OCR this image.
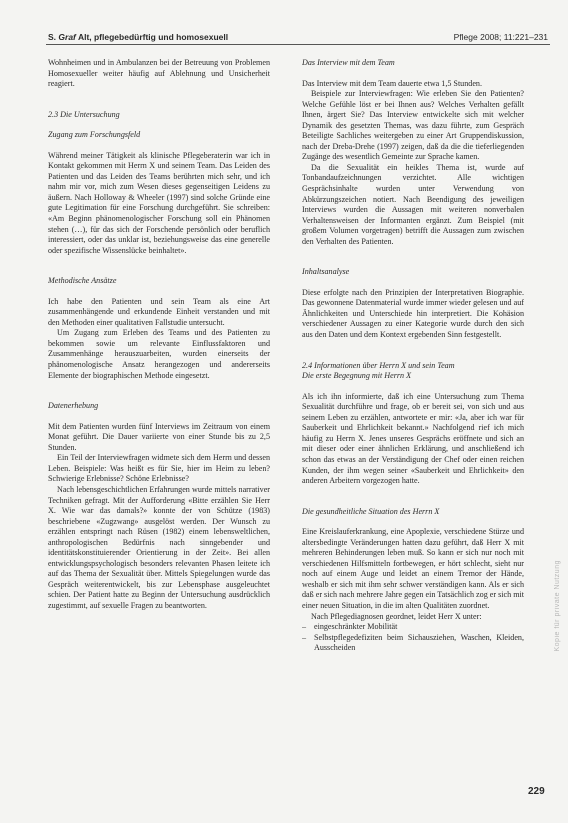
S. Graf Alt, pflegebedürftig und homosexuell	Pflege 2008; 11:221–231

Wohnheimen und in Ambulanzen bei der Betreuung von Problemen Homosexueller weiter häufig auf Ablehnung und Unsicherheit reagiert.

2.3 Die Untersuchung
Zugang zum Forschungsfeld

Während meiner Tätigkeit als klinische Pflegeberaterin war ich in Kontakt gekommen mit Herrn X und seinem Team. Das Leiden des Patienten und das Leiden des Teams berührten mich sehr, und ich nahm mir vor, mich zum Wesen dieses gegenseitigen Leidens zu äußern. Nach Holloway & Wheeler (1997) sind solche Gründe eine gute Legitimation für eine Forschung durchgeführt. Sie schreiben: «Am Beginn phänomenologischer Forschung soll ein Phänomen stehen (…), für das sich der Forschende persönlich oder beruflich interessiert, oder das unklar ist, beziehungsweise das eine generelle oder spezifische Wissenslücke beinhaltet».

Methodische Ansätze

Ich habe den Patienten und sein Team als eine Art zusammenhängende und erkundende Einheit verstanden und mit den Methoden einer qualitativen Fallstudie untersucht.

Um Zugang zum Erleben des Teams und des Patienten zu bekommen sowie um relevante Einflussfaktoren und Zusammenhänge herauszuarbeiten, wurden einerseits der phänomenologische Ansatz herangezogen und andererseits Elemente der biographischen Methode eingesetzt.

Datenerhebung

Mit dem Patienten wurden fünf Interviews im Zeitraum von einem Monat geführt. Die Dauer variierte von einer Stunde bis zu 2,5 Stunden.

Ein Teil der Interviewfragen widmete sich dem Herrn und dessen Leben. Beispiele: Was heißt es für Sie, hier im Heim zu leben? Schwierige Erlebnisse? Schöne Erlebnisse?

Nach lebensgeschichtlichen Erfahrungen wurde mittels narrativer Techniken gefragt. Mit der Aufforderung «Bitte erzählen Sie Herr X. Wie war das damals?» konnte der von Schütze (1983) beschriebene «Zugzwang» ausgelöst werden. Der Wunsch zu erzählen entspringt nach Rüsen (1982) einem lebensweltlichen, anthropologischen Bedürfnis nach sinngebender und identitätskonstituierender Orientierung in der Zeit». Bei allen entwicklungspsychologisch besonders relevanten Phasen leitete ich auf das Thema der Sexualität über. Mittels Spiegelungen wurde das Gespräch weiterentwickelt, bis zur Lebensphase ausgeleuchtet schien. Der Patient hatte zu Beginn der Untersuchung ausdrücklich zugestimmt, auf sexuelle Fragen zu beantworten.

Das Interview mit dem Team

Das Interview mit dem Team dauerte etwa 1,5 Stunden.

Beispiele zur Interviewfragen: Wie erleben Sie den Patienten? Welche Gefühle löst er bei Ihnen aus? Welches Verhalten gefällt Ihnen, ärgert Sie? Das Interview entwickelte sich mit welcher Dynamik des gesetzten Themas, was dazu führte, zum Gespräch Beteiligte Sachliches weitergeben zu einer Art Gruppendiskussion, nach der Dreba-Drehe (1997) zeigen, daß da die die tieferliegenden Zugänge des wesentlich Gemeinte zur Sprache kamen.

Da die Sexualität ein heikles Thema ist, wurde auf Tonbandaufzeichnungen verzichtet. Alle wichtigen Gesprächsinhalte wurden unter Verwendung von Abkürzungszeichen notiert. Nach Beendigung des jeweiligen Interviews wurden die Aussagen mit weiteren nonverbalen Verhaltensweisen der Informanten ergänzt. Zum Beispiel (mit großem Volumen vorgetragen) betrifft die Aussagen zum zwischen den Verhalten des Patienten.

Inhaltsanalyse

Diese erfolgte nach den Prinzipien der Interpretativen Biographie. Das gewonnene Datenmaterial wurde immer wieder gelesen und auf Ähnlichkeiten und Unterschiede hin interpretiert. Die Kohäsion verschiedener Aussagen zu einer Kategorie wurde durch den sich aus den Daten und dem Kontext ergebenden Sinn festgestellt.

2.4 Informationen über Herrn X und sein Team
Die erste Begegnung mit Herrn X

Als ich ihn informierte, daß ich eine Untersuchung zum Thema Sexualität durchführe und frage, ob er bereit sei, von sich und aus seinem Leben zu erzählen, antwortete er mir: «Ja, aber ich war für Sauberkeit und Ehrlichkeit bekannt.» Nachfolgend rief ich mich häufig zu Herrn X. Jenes unseres Gesprächs eröffnete und sich an mit dieser oder einer ähnlichen Erklärung, und anschließend ich schon das etwas an der Verständigung der Chef oder einen reichen Kunden, der ihm wegen seiner «Sauberkeit und Ehrlichkeit» den anderen Arbeitern vorgezogen hatte.

Die gesundheitliche Situation des Herrn X

Eine Kreislauferkrankung, eine Apoplexie, verschiedene Stürze und altersbedingte Veränderungen hatten dazu geführt, daß Herr X mit mehreren Behinderungen leben muß. So kann er sich nur noch mit verschiedenen Hilfsmitteln fortbewegen, er hört schlecht, sieht nur noch auf einem Auge und leidet an einem Tremor der Hände, weshalb er sich mit ihm sehr schwer verständigen kann. Als er sich daß er sich nach mehrere Jahre gegen ein Tatsächlich zog er sich mit einer neuen Situation, in die im alten Qualitäten zuordnet.

Nach Pflegediagnosen geordnet, leidet Herr X unter:

– eingeschränkter Mobilität
– Selbstpflegedefiziten beim Sichausziehen, Waschen, Kleiden, Ausscheiden
229
Kopie für private Nutzung
